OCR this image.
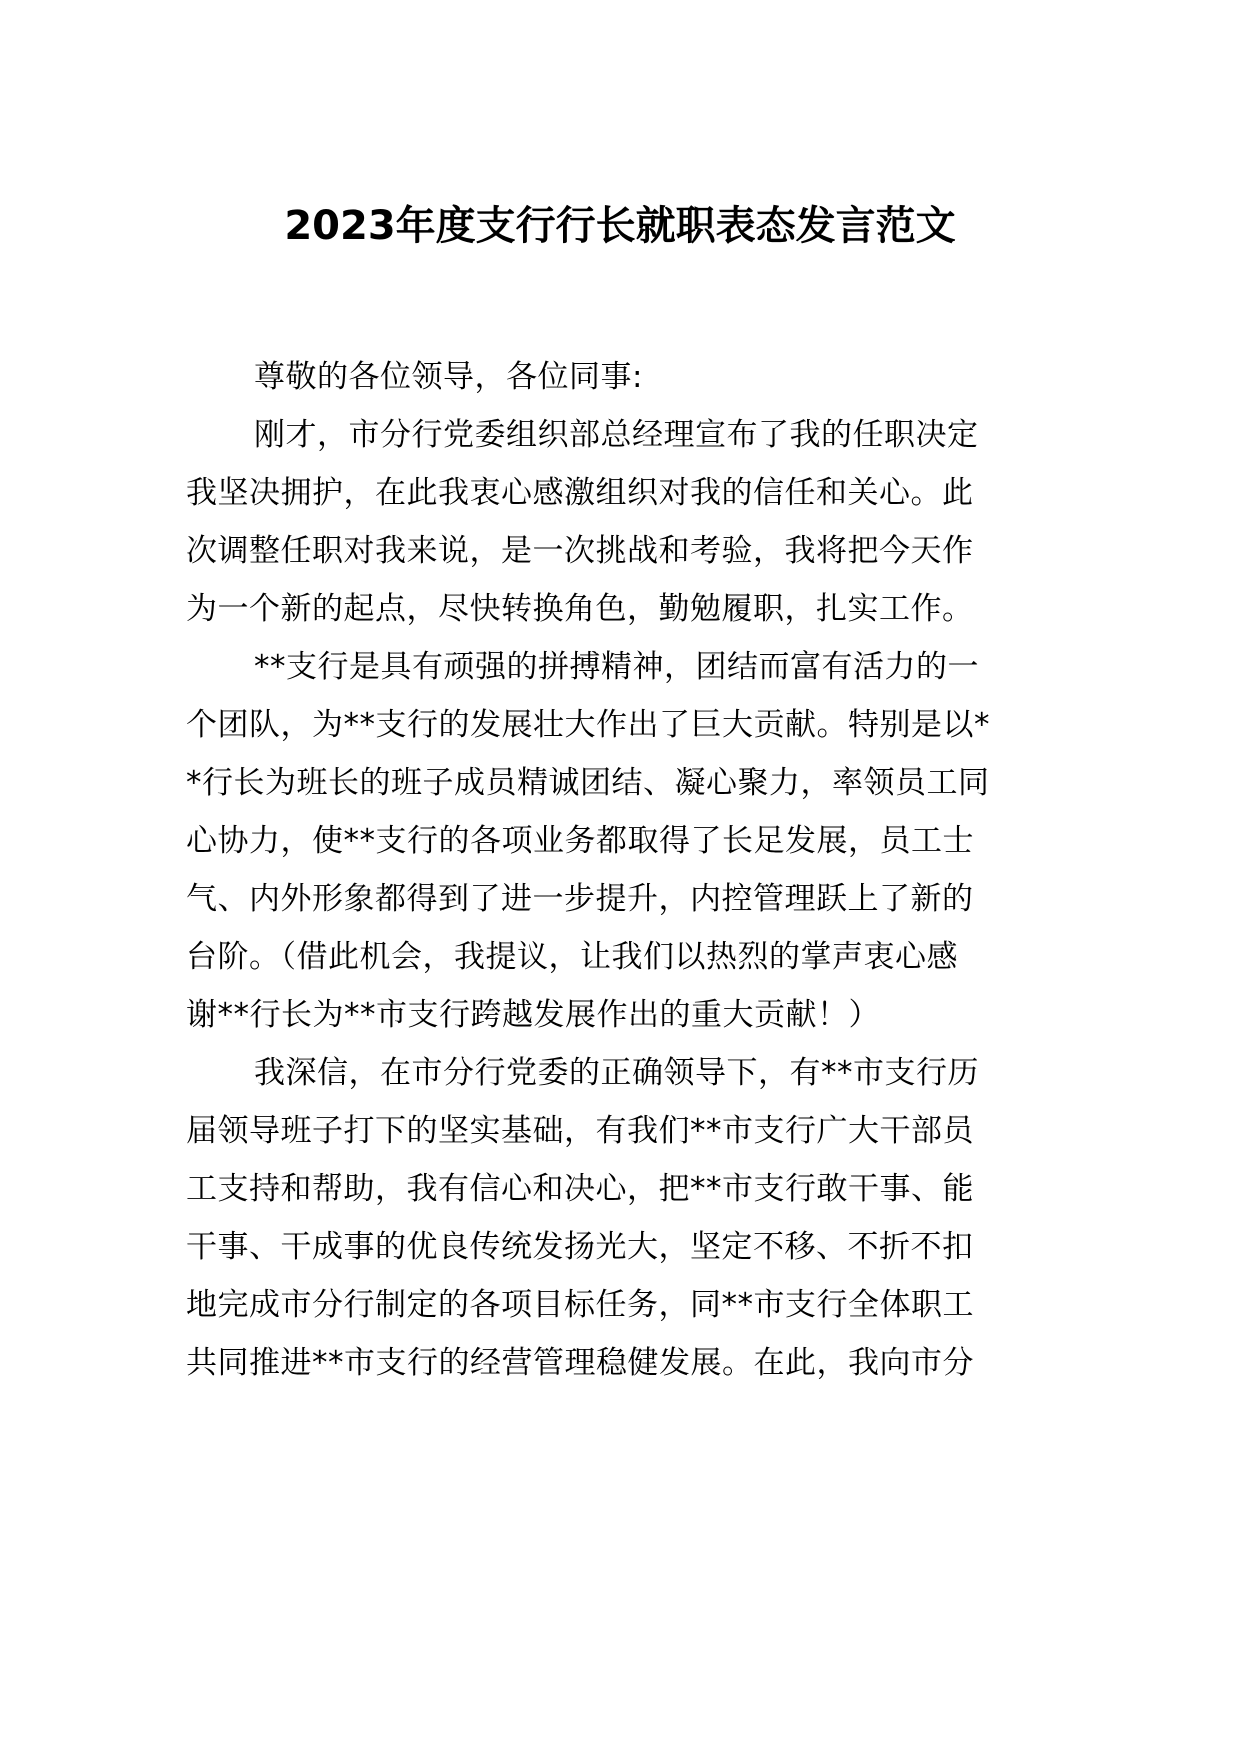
2023年度支行行长就职表态发言范文
尊敬的各位领导，各位同事:
刚才，市分行党委组织部总经理宣布了我的任职决定
我坚决拥护，在此我衷心感激组织对我的信任和关心。此
次调整任职对我来说，是一次挑战和考验，我将把今天作
为一个新的起点，尽快转换角色，勤勉履职，扎实工作。
**支行是具有顽强的拼搏精神，团结而富有活力的一
个团队，为**支行的发展壮大作出了巨大贡献。特别是以*
*行长为班长的班子成员精诚团结、凝心聚力，率领员工同
心协力，使**支行的各项业务都取得了长足发展，员工士
气、内外形象都得到了进一步提升，内控管理跃上了新的
台阶。（借此机会，我提议，让我们以热烈的掌声衷心感
谢**行长为**市支行跨越发展作出的重大贡献！）
我深信，在市分行党委的正确领导下，有**市支行历
届领导班子打下的坚实基础，有我们**市支行广大干部员
工支持和帮助，我有信心和决心，把**市支行敢干事、能
干事、干成事的优良传统发扬光大，坚定不移、不折不扣
地完成市分行制定的各项目标任务，同**市支行全体职工
共同推进**市支行的经营管理稳健发展。在此，我向市分
